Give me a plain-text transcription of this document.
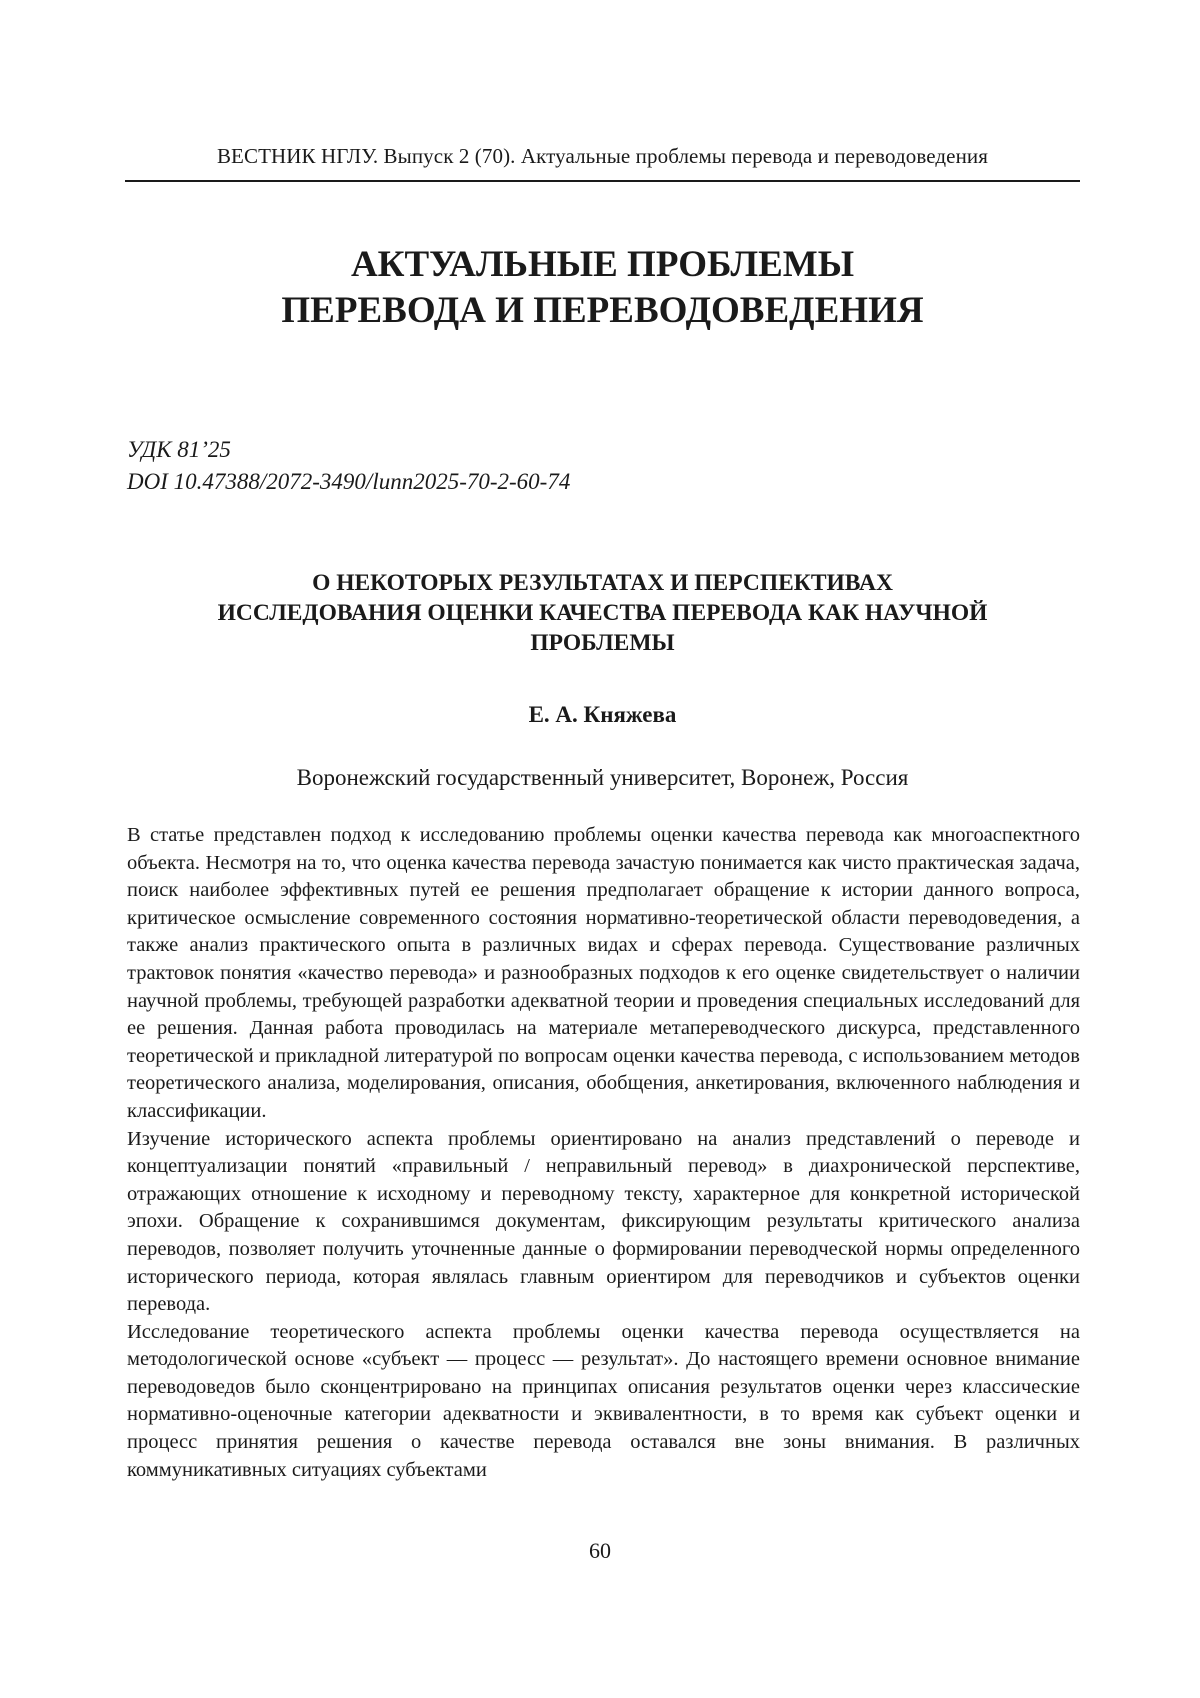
ВЕСТНИК НГЛУ. Выпуск 2 (70). Актуальные проблемы перевода и переводоведения
АКТУАЛЬНЫЕ ПРОБЛЕМЫ
ПЕРЕВОДА И ПЕРЕВОДОВЕДЕНИЯ
УДК 81’25
DOI 10.47388/2072-3490/lunn2025-70-2-60-74
О НЕКОТОРЫХ РЕЗУЛЬТАТАХ И ПЕРСПЕКТИВАХ
ИССЛЕДОВАНИЯ ОЦЕНКИ КАЧЕСТВА ПЕРЕВОДА КАК НАУЧНОЙ
ПРОБЛЕМЫ
Е. А. Княжева
Воронежский государственный университет, Воронеж, Россия

В статье представлен подход к исследованию проблемы оценки качества перевода как многоаспектного объекта. Несмотря на то, что оценка качества перевода зачастую понимается как чисто практическая задача, поиск наиболее эффективных путей ее решения предполагает обращение к истории данного вопроса, критическое осмысление современного состояния нормативно-теоретической области переводоведения, а также анализ практического опыта в различных видах и сферах перевода. Существование различных трактовок понятия «качество перевода» и разнообразных подходов к его оценке свидетельствует о наличии научной проблемы, требующей разработки адекватной теории и проведения специальных исследований для ее решения. Данная работа проводилась на материале метапереводческого дискурса, представленного теоретической и прикладной литературой по вопросам оценки качества перевода, с использованием методов теоретического анализа, моделирования, описания, обобщения, анкетирования, включенного наблюдения и классификации.

Изучение исторического аспекта проблемы ориентировано на анализ представлений о переводе и концептуализации понятий «правильный / неправильный перевод» в диахронической перспективе, отражающих отношение к исходному и переводному тексту, характерное для конкретной исторической эпохи. Обращение к сохранившимся документам, фиксирующим результаты критического анализа переводов, позволяет получить уточненные данные о формировании переводческой нормы определенного исторического периода, которая являлась главным ориентиром для переводчиков и субъектов оценки перевода.

Исследование теоретического аспекта проблемы оценки качества перевода осуществляется на методологической основе «субъект — процесс — результат». До настоящего времени основное внимание переводоведов было сконцентрировано на принципах описания результатов оценки через классические нормативно-оценочные категории адекватности и эквивалентности, в то время как субъект оценки и процесс принятия решения о качестве перевода оставался вне зоны внимания. В различных коммуникативных ситуациях субъектами

60
